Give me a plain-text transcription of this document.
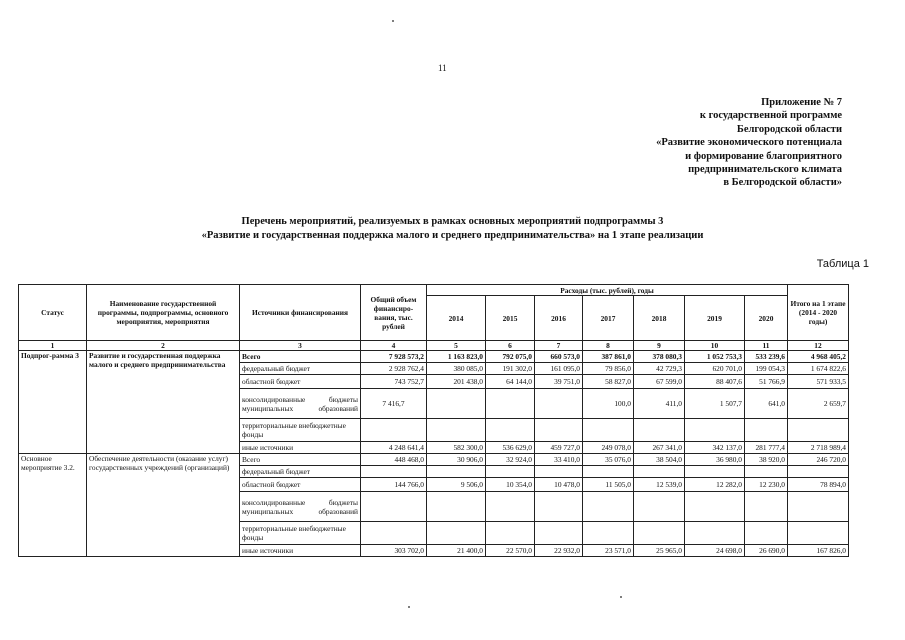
11
Приложение № 7
к государственной программе
Белгородской области
«Развитие экономического потенциала
и формирование благоприятного
предпринимательского климата
в Белгородской области»
Перечень мероприятий, реализуемых в рамках основных мероприятий подпрограммы 3
«Развитие и государственная поддержка малого и среднего предпринимательства» на 1 этапе реализации
Таблица 1
Статус	Наименование государственной программы, подпрограммы, основного мероприятия, мероприятия	Источники финансирования	Общий объем финансиро-вания, тыс. рублей	Расходы (тыс. рублей), годы							Итого на 1 этапе (2014 - 2020 годы)
				2014	2015	2016	2017	2018	2019	2020	
1	2	3	4	5	6	7	8	9	10	11	12
Подпрог-рамма 3	Развитие и государственная поддержка малого и среднего предпринимательства	Всего	7 928 573,2	1 163 823,0	792 075,0	660 573,0	387 861,0	378 080,3	1 052 753,3	533 239,6	4 968 405,2
		федеральный бюджет	2 928 762,4	380 085,0	191 302,0	161 095,0	79 856,0	42 729,3	620 701,0	199 054,3	1 674 822,6
		областной бюджет	743 752,7	201 438,0	64 144,0	39 751,0	58 827,0	67 599,0	88 407,6	51 766,9	571 933,5
		консолидированные бюджеты муниципальных образований	7 416,7				100,0	411,0	1 507,7	641,0	2 659,7
		территориальные внебюджетные фонды									
		иные источники	4 248 641,4	582 300,0	536 629,0	459 727,0	249 078,0	267 341,0	342 137,0	281 777,4	2 718 989,4
Основное мероприятие 3.2.	Обеспечение деятельности (оказание услуг) государственных учреждений (организаций)	Всего	448 468,0	30 906,0	32 924,0	33 410,0	35 076,0	38 504,0	36 980,0	38 920,0	246 720,0
		федеральный бюджет									
		областной бюджет	144 766,0	9 506,0	10 354,0	10 478,0	11 505,0	12 539,0	12 282,0	12 230,0	78 894,0
		консолидированные бюджеты муниципальных образований									
		территориальные внебюджетные фонды									
		иные источники	303 702,0	21 400,0	22 570,0	22 932,0	23 571,0	25 965,0	24 698,0	26 690,0	167 826,0
